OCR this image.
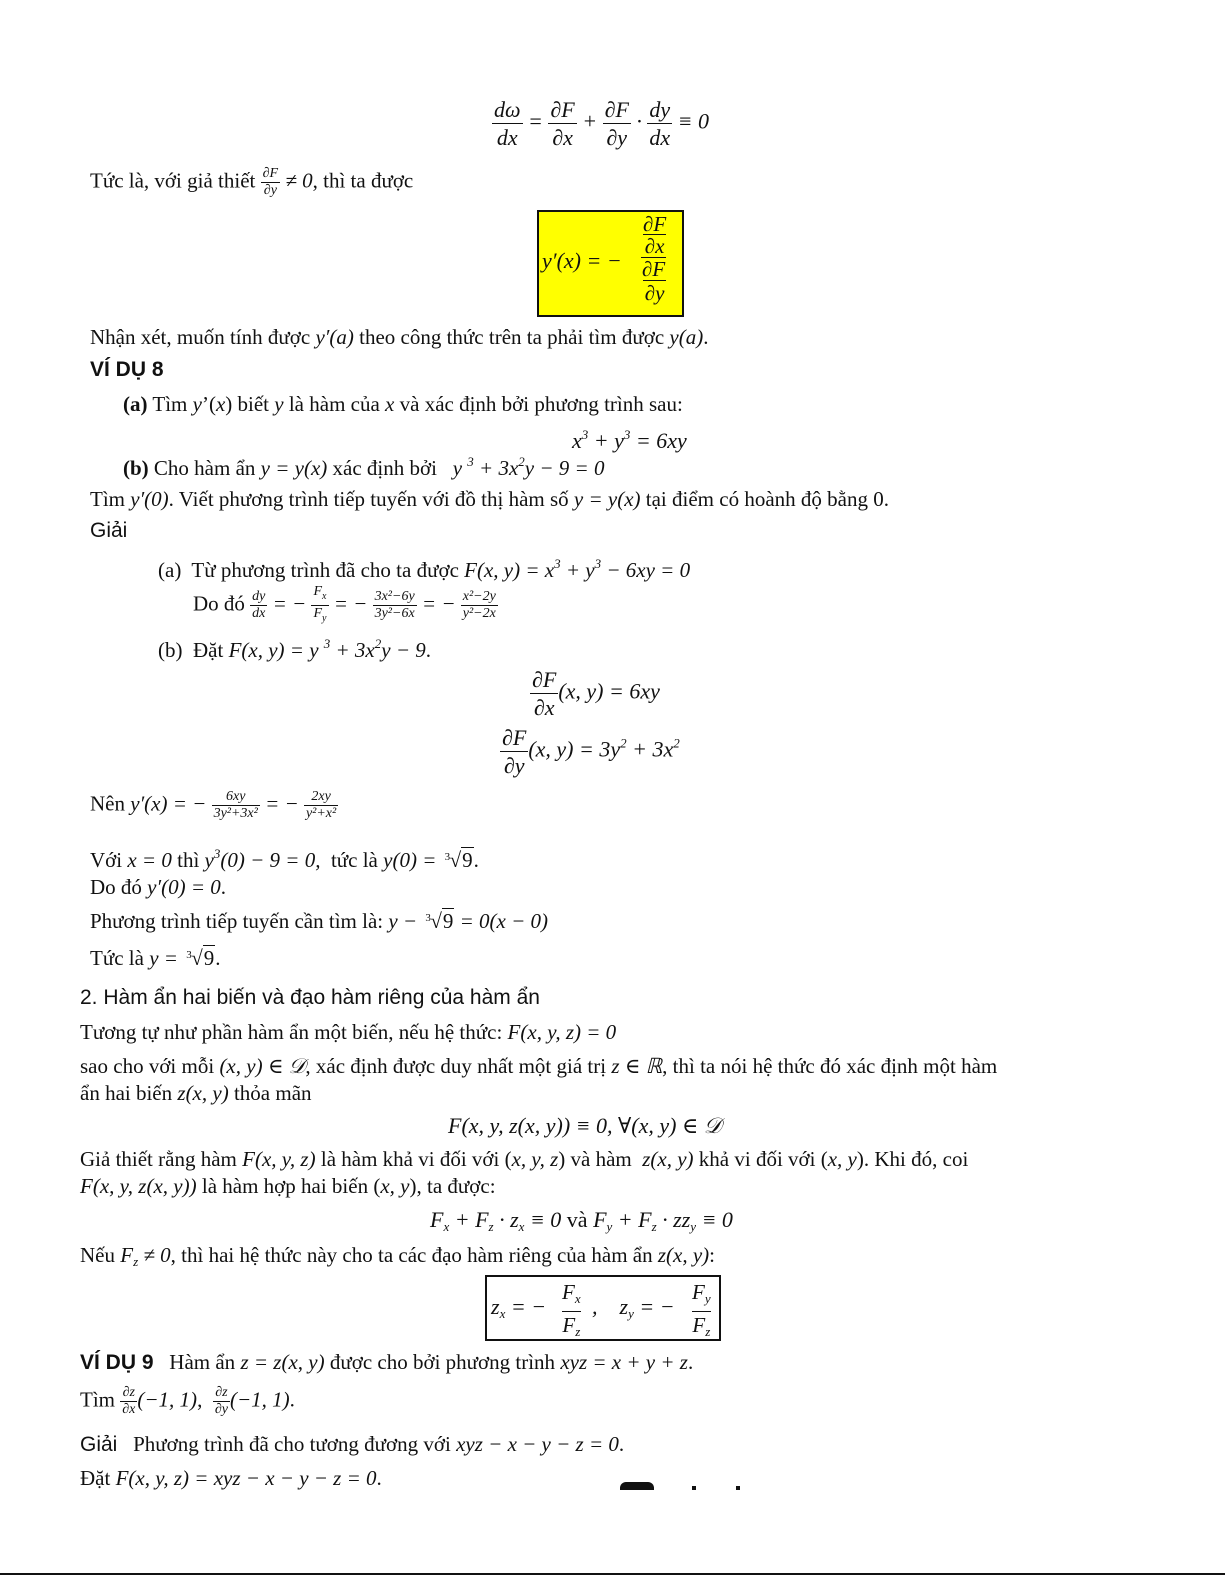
$\frac{d\omega}{dx} = \frac{\partial F}{\partial x} + \frac{\partial F}{\partial y} \cdot \frac{dy}{dx} \equiv 0$
Tức là, với giả thiết $\frac{\partial F}{\partial y} \ne 0$, thì ta được
y′(x) = −
∂F
∂x
∂F
∂y
Nhận xét, muốn tính được y′(a) theo công thức trên ta phải tìm được y(a).
VÍ DỤ 8
(a) Tìm y’(x) biết y là hàm của x và xác định bởi phương trình sau:
$x^3 + y^3 = 6xy$
(b) Cho hàm ẩn y = y(x) xác định bởi   y $^3 + 3x^2y - 9 = 0$
Tìm y′(0). Viết phương trình tiếp tuyến với đồ thị hàm số y = y(x) tại điểm có hoành độ bằng 0.
Giải
(a)  Từ phương trình đã cho ta được F(x, $y) = x^3 + y^3 - 6xy = 0$
Do đó $\frac{dy}{dx}$ = − $\frac{F_x}{F_y}$ = − $\frac{\text{3x²−6y}}{\text{3y²−6x}}$ = − $\frac{\text{x²−2y}}{\text{y²−2x}}$
(b)  Đặt F(x, y) = y $^3 + 3x^2y - 9$.
$\frac{\partial F}{\partial x} (x$, y) = 6xy
$\frac{\partial F}{\partial y} (x$, $y) = 3y^2 + 3x^2$
Nên y′(x) = − $\frac{6xy}{\text{3y²+3x²}}$ = − $\frac{2xy}{\text{y²+x²}}$
Với x = 0 thì $y^3(0) - 9 = 0$,  tức là y(0) = 3 √9.
Do đó y′(0) = 0.
Phương trình tiếp tuyến cần tìm là: y − 3 √9 = 0(x − 0)
Tức là y = 3 √9.
2. Hàm ẩn hai biến và đạo hàm riêng của hàm ẩn
Tương tự như phần hàm ẩn một biến, nếu hệ thức: F(x, y, z) = 0
sao cho với mỗi (x, y) ∈ 𝒟, xác định được duy nhất một giá trị z ∈ ℝ, thì ta nói hệ thức đó xác định một hàm
ẩn hai biến z(x, y) thỏa mãn
F(x, y, z(x, y)) ≡ 0, ∀(x, y) ∈ 𝒟
Giả thiết rằng hàm F(x, y, z) là hàm khả vi đối với (x, y, z) và hàm  z(x, y) khả vi đối với (x, y). Khi đó, coi
F(x, y, z(x, y)) là hàm hợp hai biến (x, y), ta được:
$F_x + F_z \cdot z_x \equiv 0$ và $F_y + F_z \cdot zz_y \equiv 0$
Nếu $F_z \ne 0$, thì hai hệ thức này cho ta các đạo hàm riêng của hàm ẩn z(x, y):
$z_x$ = −
$F_x$
$F_z$
,    $z_y$ = −
$F_y$
$F_z$
VÍ DỤ 9   Hàm ẩn z = z(x, y) được cho bởi phương trình xyz = x + y + z.
Tìm $\frac{\partial z}{\partial x} (-1$, 1), $\frac{\partial z}{\partial y} (-1$, 1).
Giải   Phương trình đã cho tương đương với xyz − x − y − z = 0.
Đặt F(x, y, z) = xyz − x − y − z = 0.
